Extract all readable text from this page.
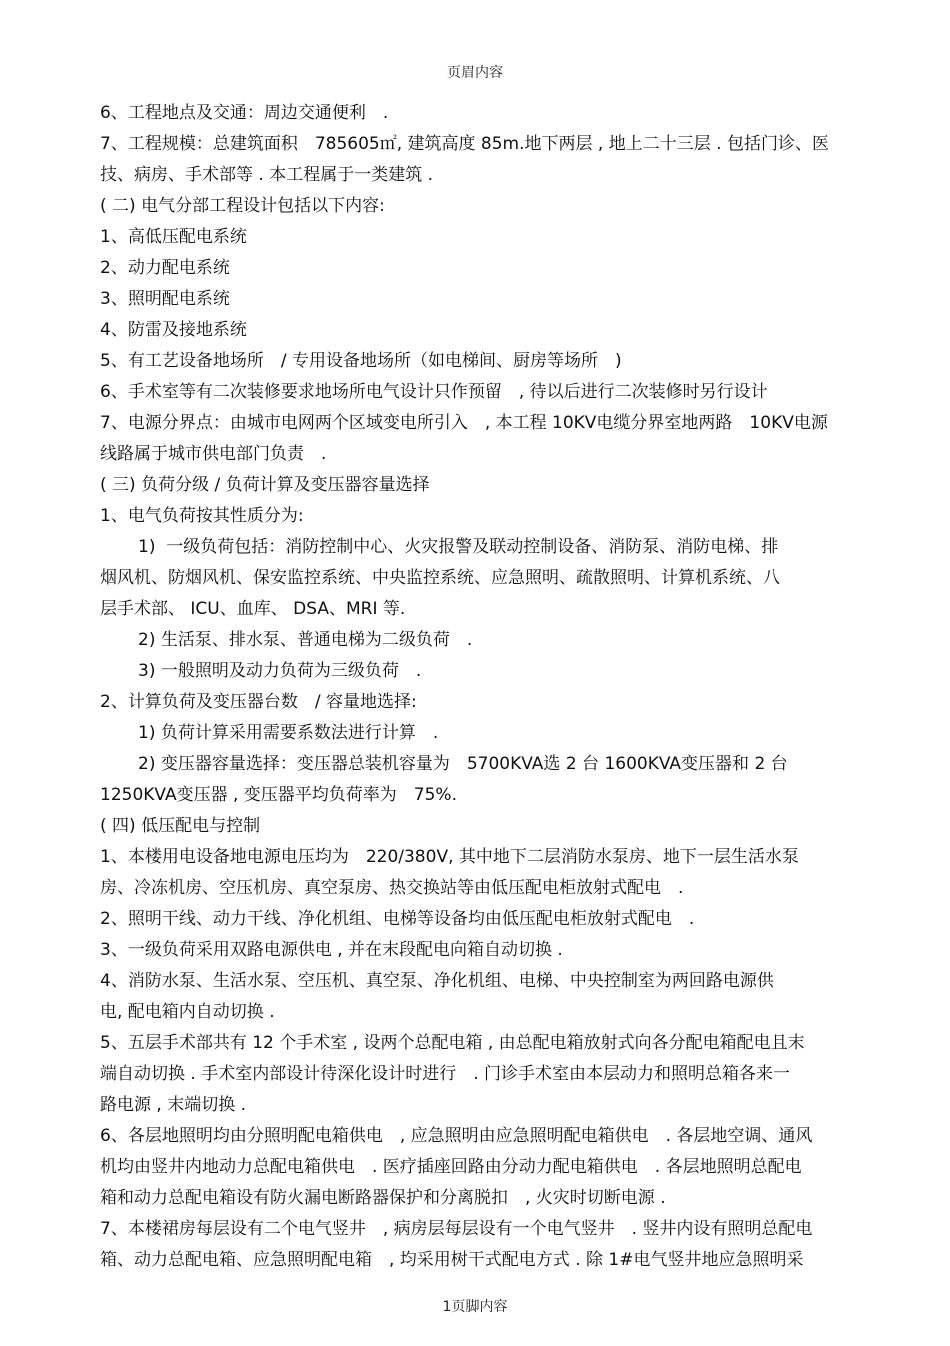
页眉内容

6、工程地点及交通：周边交通便利　.

7、工程规模：总建筑面积　785605㎡, 建筑高度 85m.地下两层 , 地上二十三层 . 包括门诊、医

技、病房、手术部等 . 本工程属于一类建筑 .

( 二) 电气分部工程设计包括以下内容:

1、高低压配电系统

2、动力配电系统

3、照明配电系统

4、防雷及接地系统

5、有工艺设备地场所　/ 专用设备地场所（如电梯间、厨房等场所　)

6、手术室等有二次装修要求地场所电气设计只作预留　, 待以后进行二次装修时另行设计

7、电源分界点：由城市电网两个区域变电所引入　, 本工程 10KV电缆分界室地两路　10KV电源

线路属于城市供电部门负责　.

( 三) 负荷分级 / 负荷计算及变压器容量选择

1、电气负荷按其性质分为:

1)  一级负荷包括：消防控制中心、火灾报警及联动控制设备、消防泵、消防电梯、排

烟风机、防烟风机、保安监控系统、中央监控系统、应急照明、疏散照明、计算机系统、八

层手术部、 ICU、血库、 DSA、MRI 等.

2) 生活泵、排水泵、普通电梯为二级负荷　.

3) 一般照明及动力负荷为三级负荷　.

2、计算负荷及变压器台数　/ 容量地选择:

1) 负荷计算采用需要系数法进行计算　.

2) 变压器容量选择：变压器总装机容量为　5700KVA选 2 台 1600KVA变压器和 2 台

1250KVA变压器 , 变压器平均负荷率为　75%.

( 四) 低压配电与控制

1、本楼用电设备地电源电压均为　220/380V, 其中地下二层消防水泵房、地下一层生活水泵

房、冷冻机房、空压机房、真空泵房、热交换站等由低压配电柜放射式配电　.

2、照明干线、动力干线、净化机组、电梯等设备均由低压配电柜放射式配电　.

3、一级负荷采用双路电源供电 , 并在末段配电向箱自动切换 .

4、消防水泵、生活水泵、空压机、真空泵、净化机组、电梯、中央控制室为两回路电源供

电, 配电箱内自动切换 .

5、五层手术部共有 12 个手术室 , 设两个总配电箱 , 由总配电箱放射式向各分配电箱配电且末

端自动切换 . 手术室内部设计待深化设计时进行　. 门诊手术室由本层动力和照明总箱各来一

路电源 , 末端切换 .

6、各层地照明均由分照明配电箱供电　, 应急照明由应急照明配电箱供电　. 各层地空调、通风

机均由竖井内地动力总配电箱供电　. 医疗插座回路由分动力配电箱供电　. 各层地照明总配电

箱和动力总配电箱设有防火漏电断路器保护和分离脱扣　, 火灾时切断电源 .

7、本楼裙房每层设有二个电气竖井　, 病房层每层设有一个电气竖井　. 竖井内设有照明总配电

箱、动力总配电箱、应急照明配电箱　, 均采用树干式配电方式 . 除 1#电气竖井地应急照明采

1页脚内容
